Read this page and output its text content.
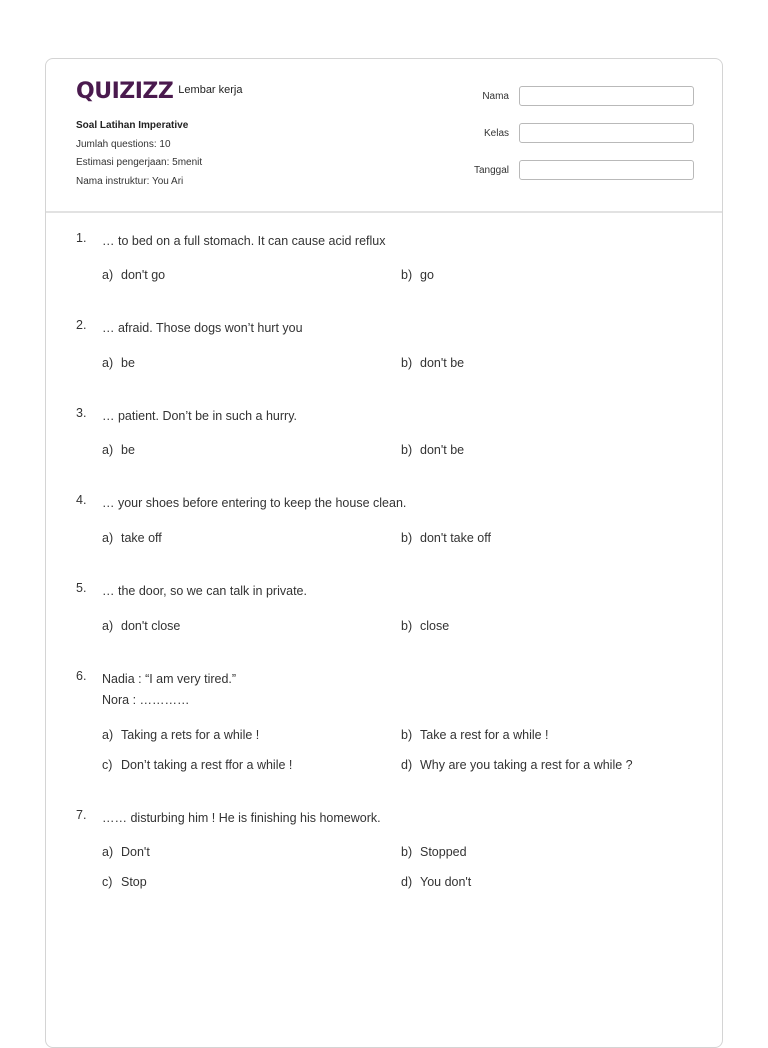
QUIZIZZ Lembar kerja
Soal Latihan Imperative
Jumlah questions: 10
Estimasi pengerjaan: 5menit
Nama instruktur: You Ari
Nama
Kelas
Tanggal
1.	… to bed on a full stomach. It can cause acid reflux
a) don't go	b) go
2.	… afraid. Those dogs won’t hurt you
a) be	b) don't be
3.	… patient. Don’t be in such a hurry.
a) be	b) don't be
4.	… your shoes before entering to keep the house clean.
a) take off	b) don't take off
5.	… the door, so we can talk in private.
a) don't close	b) close
6.	Nadia : “I am very tired.”
Nora : …………
a) Taking a rets for a while !	b) Take a rest for a while !
c) Don’t taking a rest ffor a while !	d) Why are you taking a rest for a while ?
7.	…… disturbing him ! He is finishing his homework.
a) Don't	b) Stopped
c) Stop	d) You don't
